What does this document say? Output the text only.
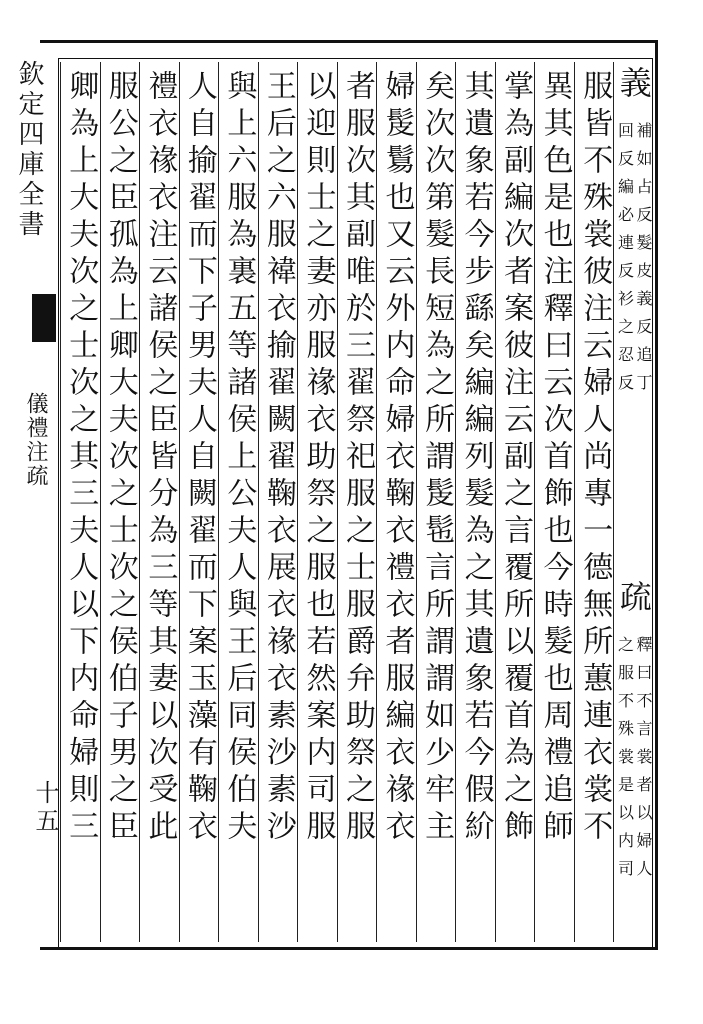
欽定四庫全書
儀禮注疏
十五
義
補如占反髮皮義反追丁
回反編必連反衫之忍反
疏
釋曰不言裳者以婦人
之服不殊裳是以内司
服皆不殊裳彼注云婦人尚專一德無所蕙連衣裳不
異其色是也注釋曰云次首飾也今時髮也周禮追師
掌為副編次者案彼注云副之言覆所以覆首為之飾
其遺象若今步繇矣編編列髮為之其遺象若今假紒
矣次次第髮長短為之所謂髲髢言所謂謂如少牢主
婦髲鬄也又云外内命婦衣鞠衣禮衣者服編衣禒衣
者服次其副唯於三翟祭祀服之士服爵弁助祭之服
以迎則士之妻亦服禒衣助祭之服也若然案内司服
王后之六服褘衣揄翟闕翟鞠衣展衣禒衣素沙素沙
與上六服為裏五等諸侯上公夫人與王后同侯伯夫
人自揄翟而下子男夫人自闕翟而下案玉藻有鞠衣
禮衣禒衣注云諸侯之臣皆分為三等其妻以次受此
服公之臣孤為上卿大夫次之士次之侯伯子男之臣
卿為上大夫次之士次之其三夫人以下内命婦則三
